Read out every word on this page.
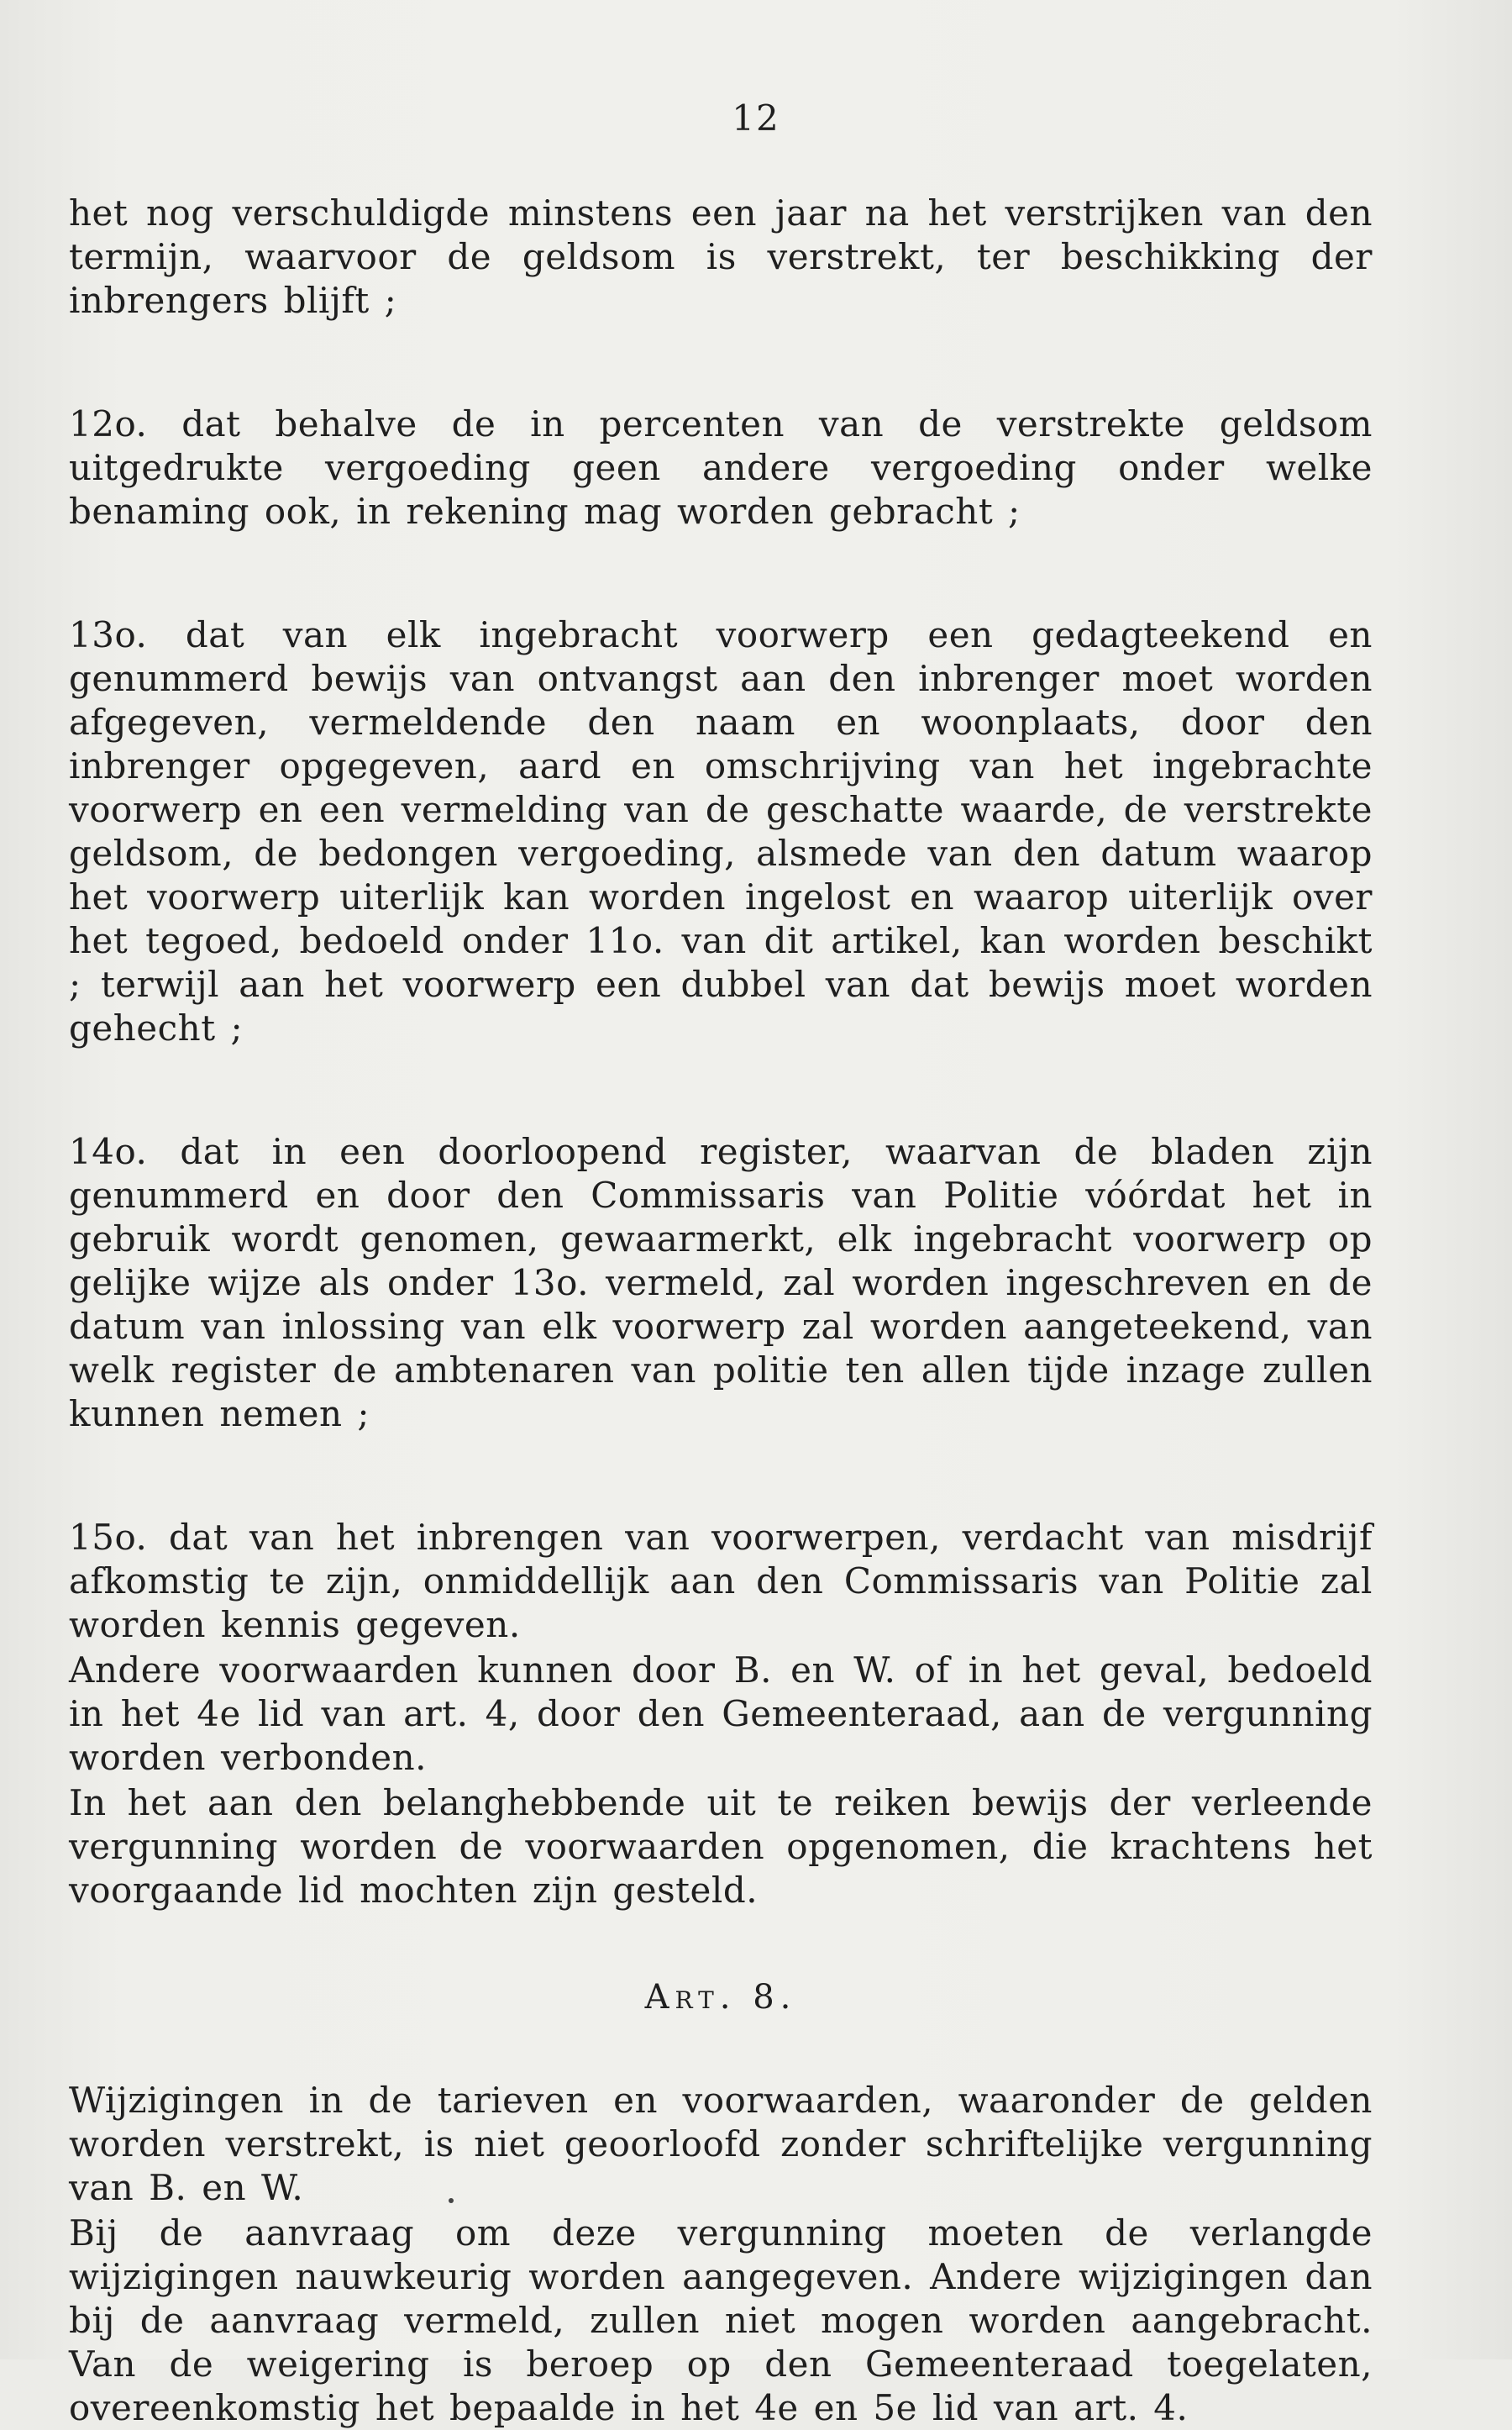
12

het nog verschuldigde minstens een jaar na het verstrijken van den termijn, waarvoor de geldsom is verstrekt, ter beschikking der inbrengers blijft ;

12o. dat behalve de in percenten van de verstrekte geldsom uitgedrukte vergoeding geen andere vergoeding onder welke benaming ook, in rekening mag worden gebracht ;

13o. dat van elk ingebracht voorwerp een gedagteekend en genummerd bewijs van ontvangst aan den inbrenger moet worden afgegeven, vermeldende den naam en woonplaats, door den inbrenger opgegeven, aard en omschrijving van het ingebrachte voorwerp en een vermelding van de geschatte waarde, de verstrekte geldsom, de bedongen vergoeding, alsmede van den datum waarop het voorwerp uiterlijk kan worden ingelost en waarop uiterlijk over het tegoed, bedoeld onder 11o. van dit artikel, kan worden beschikt ; terwijl aan het voorwerp een dubbel van dat bewijs moet worden gehecht ;

14o. dat in een doorloopend register, waarvan de bladen zijn genummerd en door den Commissaris van Politie vóórdat het in gebruik wordt genomen, gewaarmerkt, elk ingebracht voorwerp op gelijke wijze als onder 13o. vermeld, zal worden ingeschreven en de datum van inlossing van elk voorwerp zal worden aangeteekend, van welk register de ambtenaren van politie ten allen tijde inzage zullen kunnen nemen ;

15o. dat van het inbrengen van voorwerpen, verdacht van misdrijf afkomstig te zijn, onmiddellijk aan den Commissaris van Politie zal worden kennis gegeven.

Andere voorwaarden kunnen door B. en W. of in het geval, bedoeld in het 4e lid van art. 4, door den Gemeenteraad, aan de vergunning worden verbonden.

In het aan den belanghebbende uit te reiken bewijs der verleende vergunning worden de voorwaarden opgenomen, die krachtens het voorgaande lid mochten zijn gesteld.

Art. 8.

Wijzigingen in de tarieven en voorwaarden, waaronder de gelden worden verstrekt, is niet geoorloofd zonder schriftelijke vergunning van B. en W.

Bij de aanvraag om deze vergunning moeten de verlangde wijzigingen nauwkeurig worden aangegeven. Andere wijzigingen dan bij de aanvraag vermeld, zullen niet mogen worden aangebracht. Van de weigering is beroep op den Gemeenteraad toegelaten, overeenkomstig het bepaalde in het 4e en 5e lid van art. 4.
